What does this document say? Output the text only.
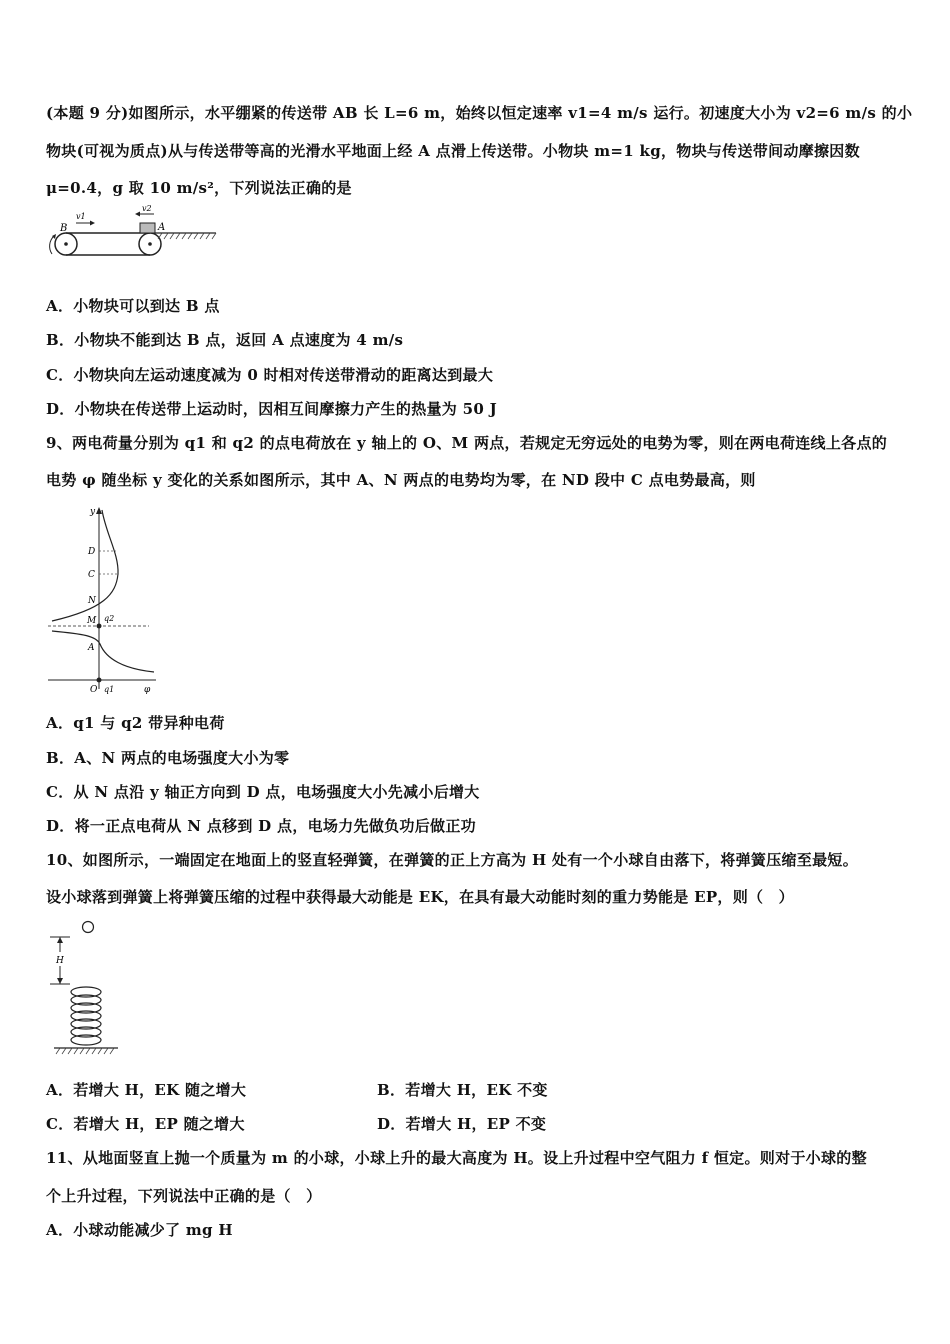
(本题 9 分)如图所示，水平绷紧的传送带 AB 长 L=6 m，始终以恒定速率 v1=4 m/s 运行。初速度大小为 v2=6 m/s 的小
物块(可视为质点)从与传送带等高的光滑水平地面上经 A 点滑上传送带。小物块 m=1 kg，物块与传送带间动摩擦因数
μ=0.4，g 取 10 m/s²，下列说法正确的是
B	A
v1
v2
A．小物块可以到达 B 点
B．小物块不能到达 B 点，返回 A 点速度为 4 m/s
C．小物块向左运动速度减为 0 时相对传送带滑动的距离达到最大
D．小物块在传送带上运动时，因相互间摩擦力产生的热量为 50 J
9、两电荷量分别为 q1 和 q2 的点电荷放在 y 轴上的 O、M 两点，若规定无穷远处的电势为零，则在两电荷连线上各点的
电势 φ 随坐标 y 变化的关系如图所示，其中 A、N 两点的电势均为零，在 ND 段中 C 点电势最高，则
y
D
C
N
M q2
A
O q1	φ
A．q1 与 q2 带异种电荷
B．A、N 两点的电场强度大小为零
C．从 N 点沿 y 轴正方向到 D 点，电场强度大小先减小后增大
D．将一正点电荷从 N 点移到 D 点，电场力先做负功后做正功
10、如图所示，一端固定在地面上的竖直轻弹簧，在弹簧的正上方高为 H 处有一个小球自由落下，将弹簧压缩至最短。
设小球落到弹簧上将弹簧压缩的过程中获得最大动能是 EK，在具有最大动能时刻的重力势能是 EP，则（　）
H
A．若增大 H，EK 随之增大	B．若增大 H，EK 不变
C．若增大 H，EP 随之增大	D．若增大 H，EP 不变
11、从地面竖直上抛一个质量为 m 的小球，小球上升的最大高度为 H。设上升过程中空气阻力 f 恒定。则对于小球的整
个上升过程，下列说法中正确的是（　）
A．小球动能减少了 mg H
